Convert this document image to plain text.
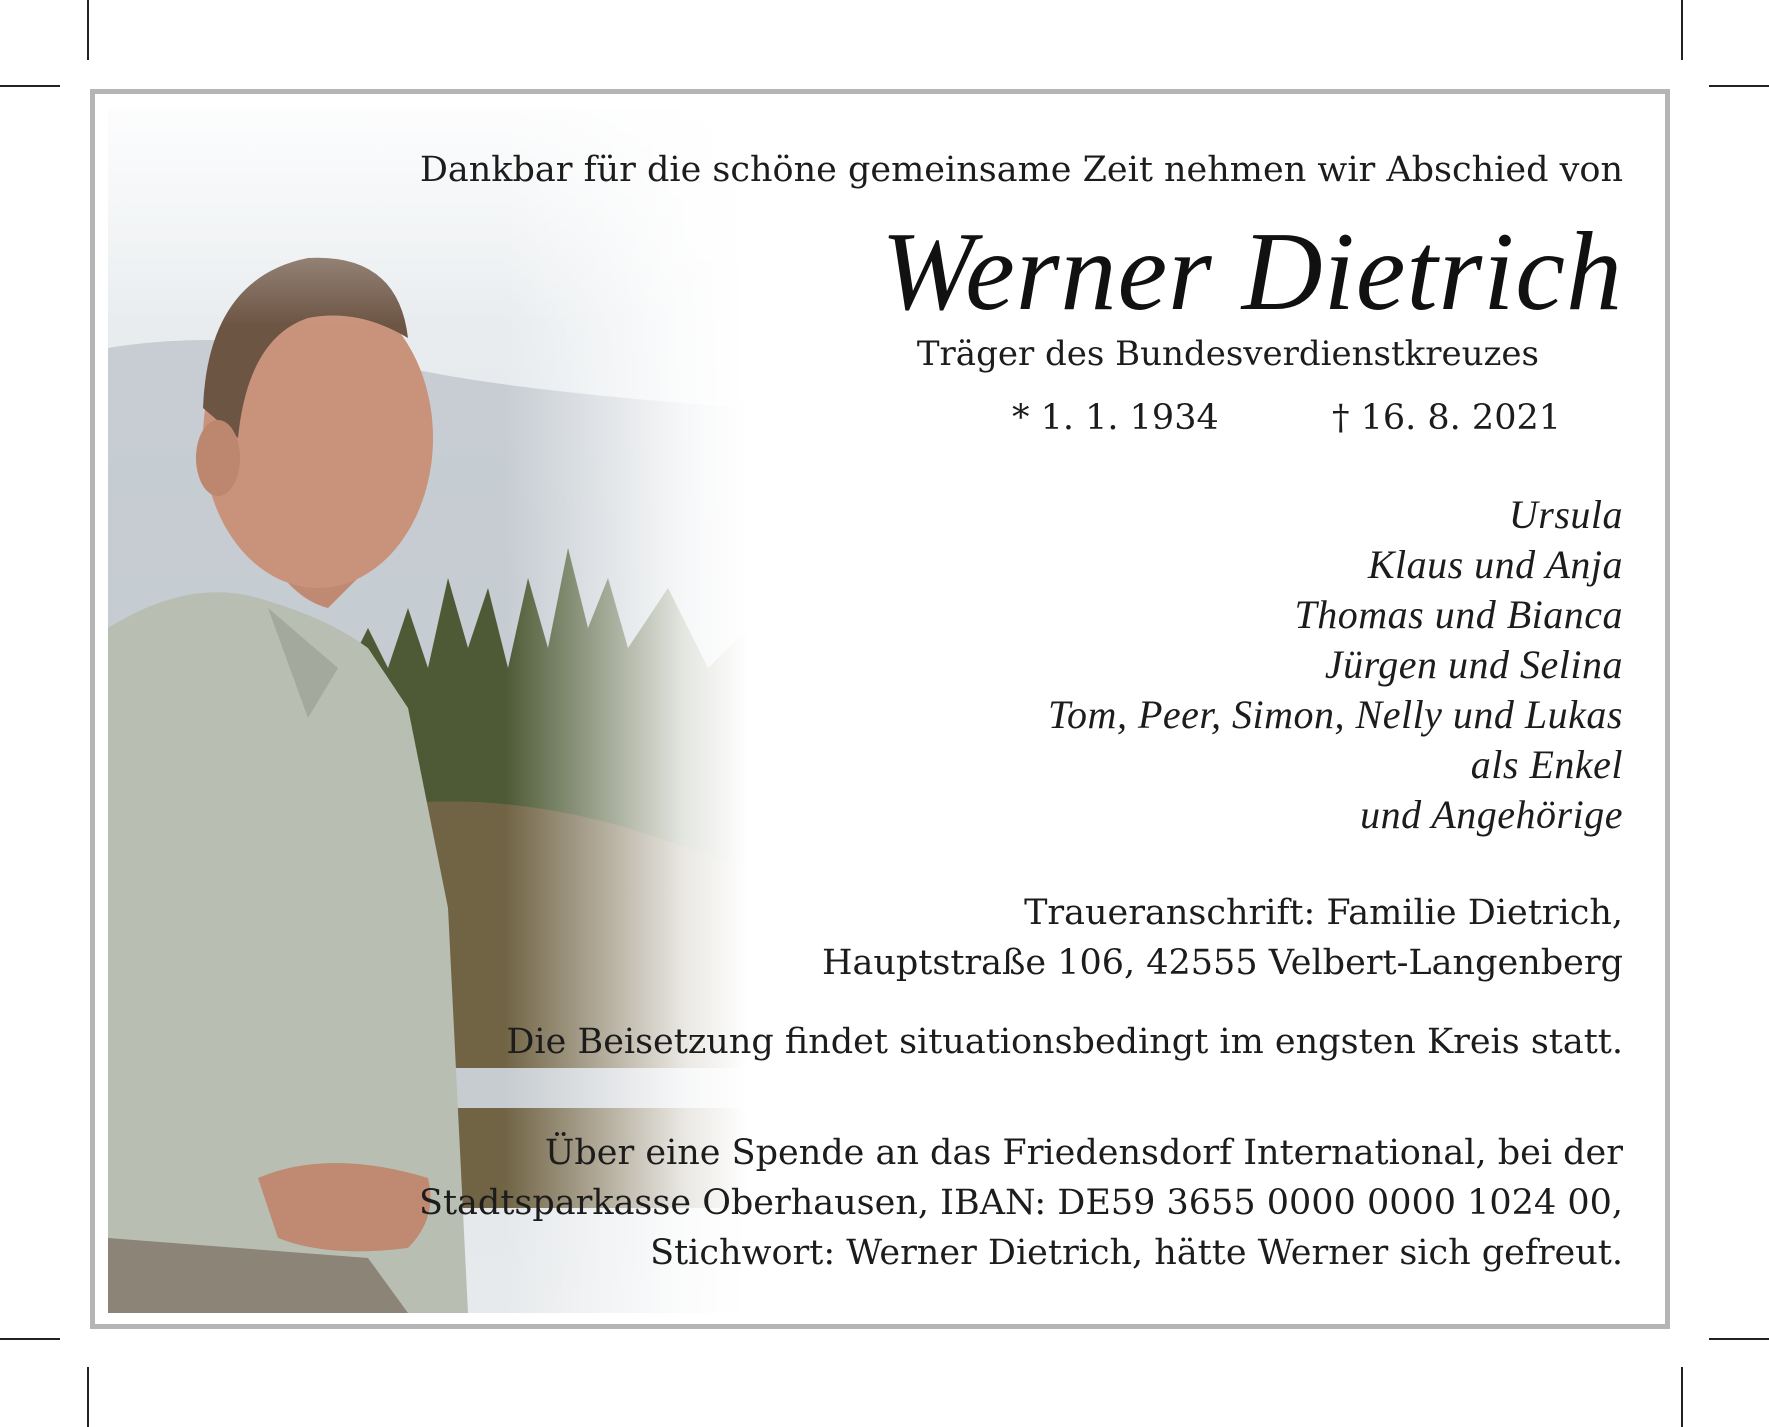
Dankbar für die schöne gemeinsame Zeit nehmen wir Abschied von
Werner Dietrich
Träger des Bundesverdienstkreuzes
* 1. 1. 1934	† 16. 8. 2021
Ursula
Klaus und Anja
Thomas und Bianca
Jürgen und Selina
Tom, Peer, Simon, Nelly und Lukas
als Enkel
und Angehörige
Traueranschrift: Familie Dietrich,
Hauptstraße 106, 42555 Velbert-Langenberg
Die Beisetzung findet situationsbedingt im engsten Kreis statt.
Über eine Spende an das Friedensdorf International, bei der
Stadtsparkasse Oberhausen, IBAN: DE59 3655 0000 0000 1024 00,
Stichwort: Werner Dietrich, hätte Werner sich gefreut.
